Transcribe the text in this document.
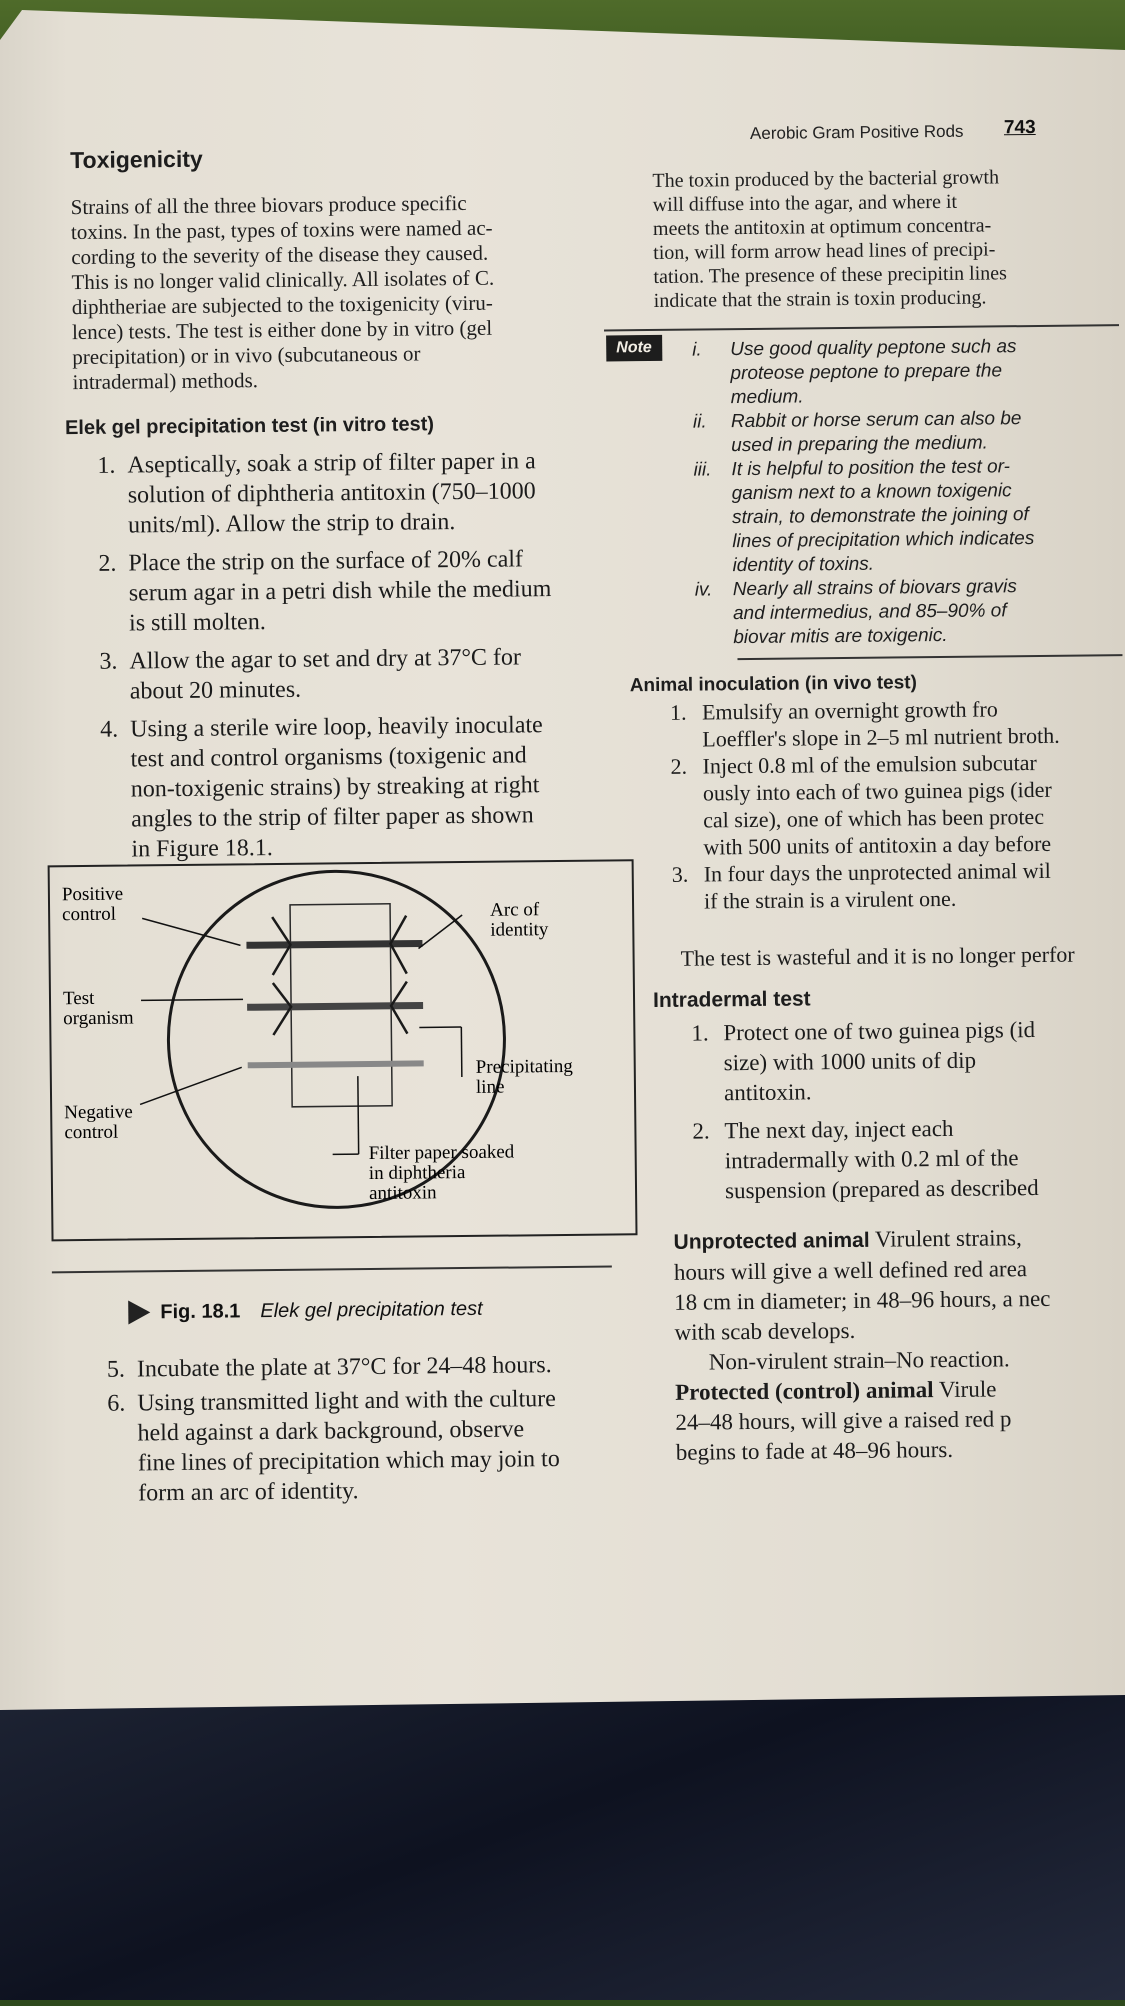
Aerobic Gram Positive Rods 743
Toxigenicity
Strains of all the three biovars produce specific
toxins. In the past, types of toxins were named ac-
cording to the severity of the disease they caused.
This is no longer valid clinically. All isolates of C.
diphtheriae are subjected to the toxigenicity (viru-
lence) tests. The test is either done by in vitro (gel
precipitation) or in vivo (subcutaneous or
intradermal) methods.
Elek gel precipitation test (in vitro test)
1. Aseptically, soak a strip of filter paper in a
solution of diphtheria antitoxin (750–1000
units/ml). Allow the strip to drain.
2. Place the strip on the surface of 20% calf
serum agar in a petri dish while the medium
is still molten.
3. Allow the agar to set and dry at 37°C for
about 20 minutes.
4. Using a sterile wire loop, heavily inoculate
test and control organisms (toxigenic and
non-toxigenic strains) by streaking at right
angles to the strip of filter paper as shown
in Figure 18.1.
Positive
control
Test
organism
Negative
control
Arc of
identity
Precipitating
line
Filter paper soaked
in diphtheria
antitoxin
Fig. 18.1 Elek gel precipitation test
5. Incubate the plate at 37°C for 24–48 hours.
6. Using transmitted light and with the culture
held against a dark background, observe
fine lines of precipitation which may join to
form an arc of identity.
The toxin produced by the bacterial growth
will diffuse into the agar, and where it
meets the antitoxin at optimum concentra-
tion, will form arrow head lines of precipi-
tation. The presence of these precipitin lines
indicate that the strain is toxin producing.
Note	i.	Use good quality peptone such as
proteose peptone to prepare the
medium.
ii.	Rabbit or horse serum can also be
used in preparing the medium.
iii.	It is helpful to position the test or-
ganism next to a known toxigenic
strain, to demonstrate the joining of
lines of precipitation which indicates
identity of toxins.
iv.	Nearly all strains of biovars gravis
and intermedius, and 85–90% of
biovar mitis are toxigenic.
Animal inoculation (in vivo test)
1. Emulsify an overnight growth fro
Loeffler's slope in 2–5 ml nutrient broth.
2. Inject 0.8 ml of the emulsion subcutar
ously into each of two guinea pigs (ider
cal size), one of which has been protec
with 500 units of antitoxin a day before
3. In four days the unprotected animal wil
if the strain is a virulent one.
The test is wasteful and it is no longer perfor
Intradermal test
1. Protect one of two guinea pigs (id
size) with 1000 units of dip
antitoxin.
2. The next day, inject each
intradermally with 0.2 ml of the
suspension (prepared as described
Unprotected animal Virulent strains,
hours will give a well defined red area
18 cm in diameter; in 48–96 hours, a nec
with scab develops.
Non-virulent strain–No reaction.
Protected (control) animal Virule
24–48 hours, will give a raised red p
begins to fade at 48–96 hours.
